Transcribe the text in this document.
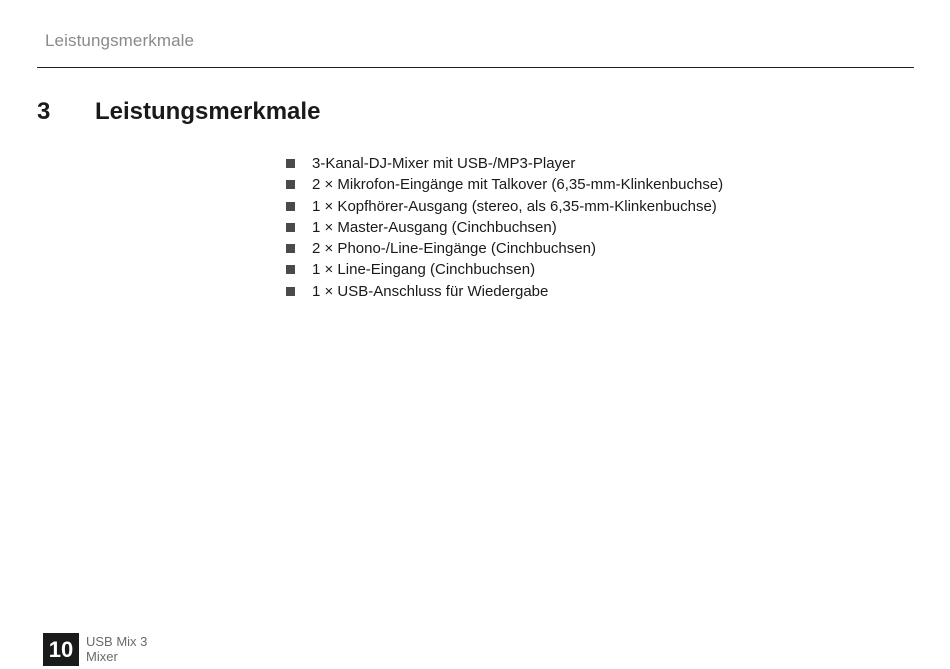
Leistungsmerkmale
3 Leistungsmerkmale
3-Kanal-DJ-Mixer mit USB-/MP3-Player
2 × Mikrofon-Eingänge mit Talkover (6,35-mm-Klinkenbuchse)
1 × Kopfhörer-Ausgang (stereo, als 6,35-mm-Klinkenbuchse)
1 × Master-Ausgang (Cinchbuchsen)
2 × Phono-/Line-Eingänge (Cinchbuchsen)
1 × Line-Eingang (Cinchbuchsen)
1 × USB-Anschluss für Wiedergabe
10 USB Mix 3
Mixer
